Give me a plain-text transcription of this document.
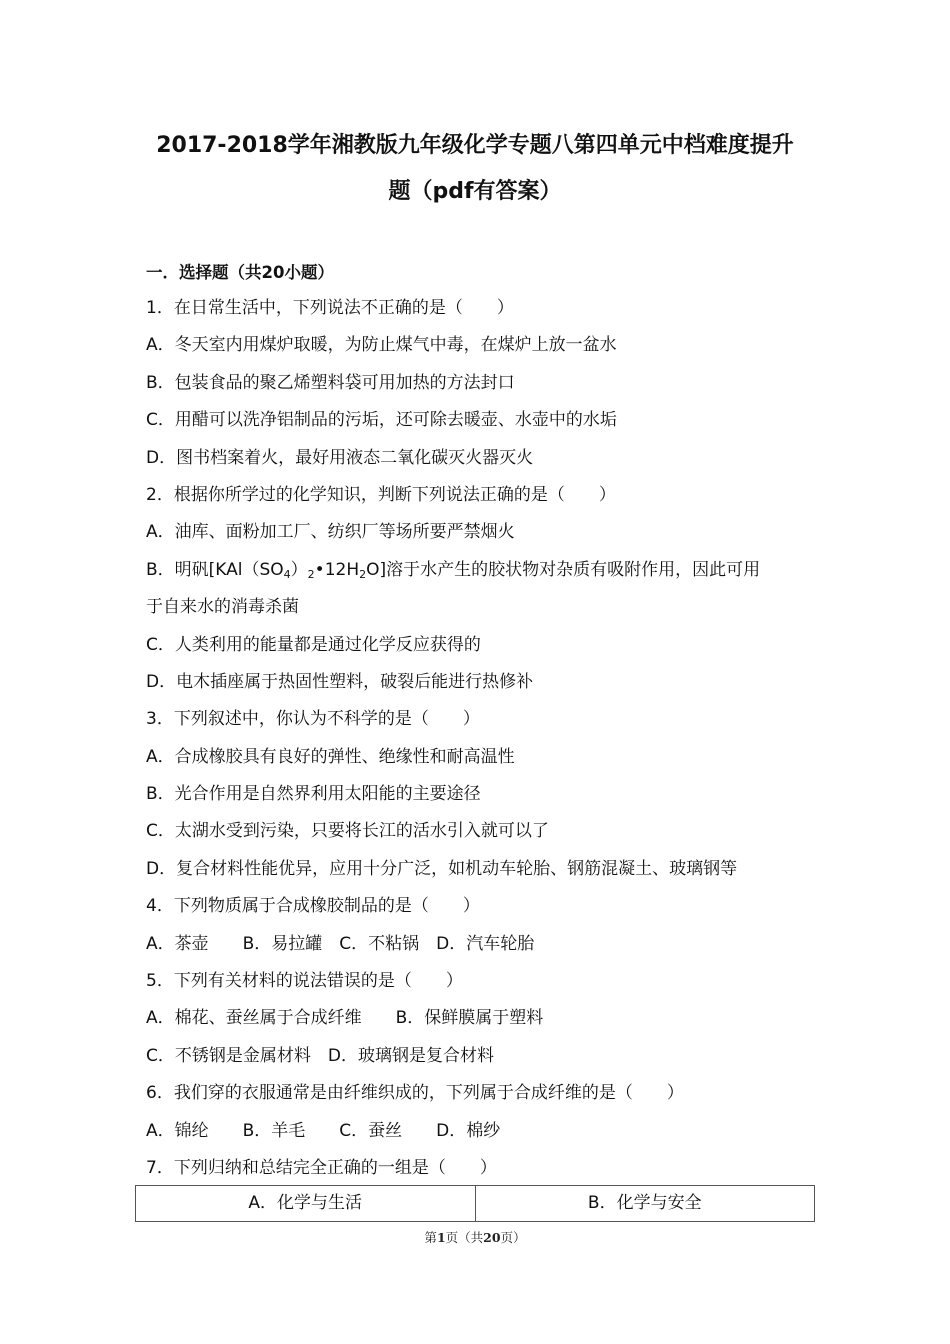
2017-2018学年湘教版九年级化学专题八第四单元中档难度提升
题（pdf有答案）
一．选择题（共20小题）
1．在日常生活中，下列说法不正确的是（　　）
A．冬天室内用煤炉取暖，为防止煤气中毒，在煤炉上放一盆水
B．包装食品的聚乙烯塑料袋可用加热的方法封口
C．用醋可以洗净铝制品的污垢，还可除去暖壶、水壶中的水垢
D．图书档案着火，最好用液态二氧化碳灭火器灭火
2．根据你所学过的化学知识，判断下列说法正确的是（　　）
A．油库、面粉加工厂、纺织厂等场所要严禁烟火
B．明矾$[KAl(SO_4)_2•12H_2O]$溶于水产生的胶状物对杂质有吸附作用，因此可用
于自来水的消毒杀菌
C．人类利用的能量都是通过化学反应获得的
D．电木插座属于热固性塑料，破裂后能进行热修补
3．下列叙述中，你认为不科学的是（　　）
A．合成橡胶具有良好的弹性、绝缘性和耐高温性
B．光合作用是自然界利用太阳能的主要途径
C．太湖水受到污染，只要将长江的活水引入就可以了
D．复合材料性能优异，应用十分广泛，如机动车轮胎、钢筋混凝土、玻璃钢等
4．下列物质属于合成橡胶制品的是（　　）
A．茶壶　　B．易拉罐　C．不粘锅　D．汽车轮胎
5．下列有关材料的说法错误的是（　　）
A．棉花、蚕丝属于合成纤维　　B．保鲜膜属于塑料
C．不锈钢是金属材料　D．玻璃钢是复合材料
6．我们穿的衣服通常是由纤维织成的，下列属于合成纤维的是（　　）
A．锦纶　　B．羊毛　　C．蚕丝　　D．棉纱
7．下列归纳和总结完全正确的一组是（　　）
A．化学与生活	B．化学与安全
第1页（共20页）
